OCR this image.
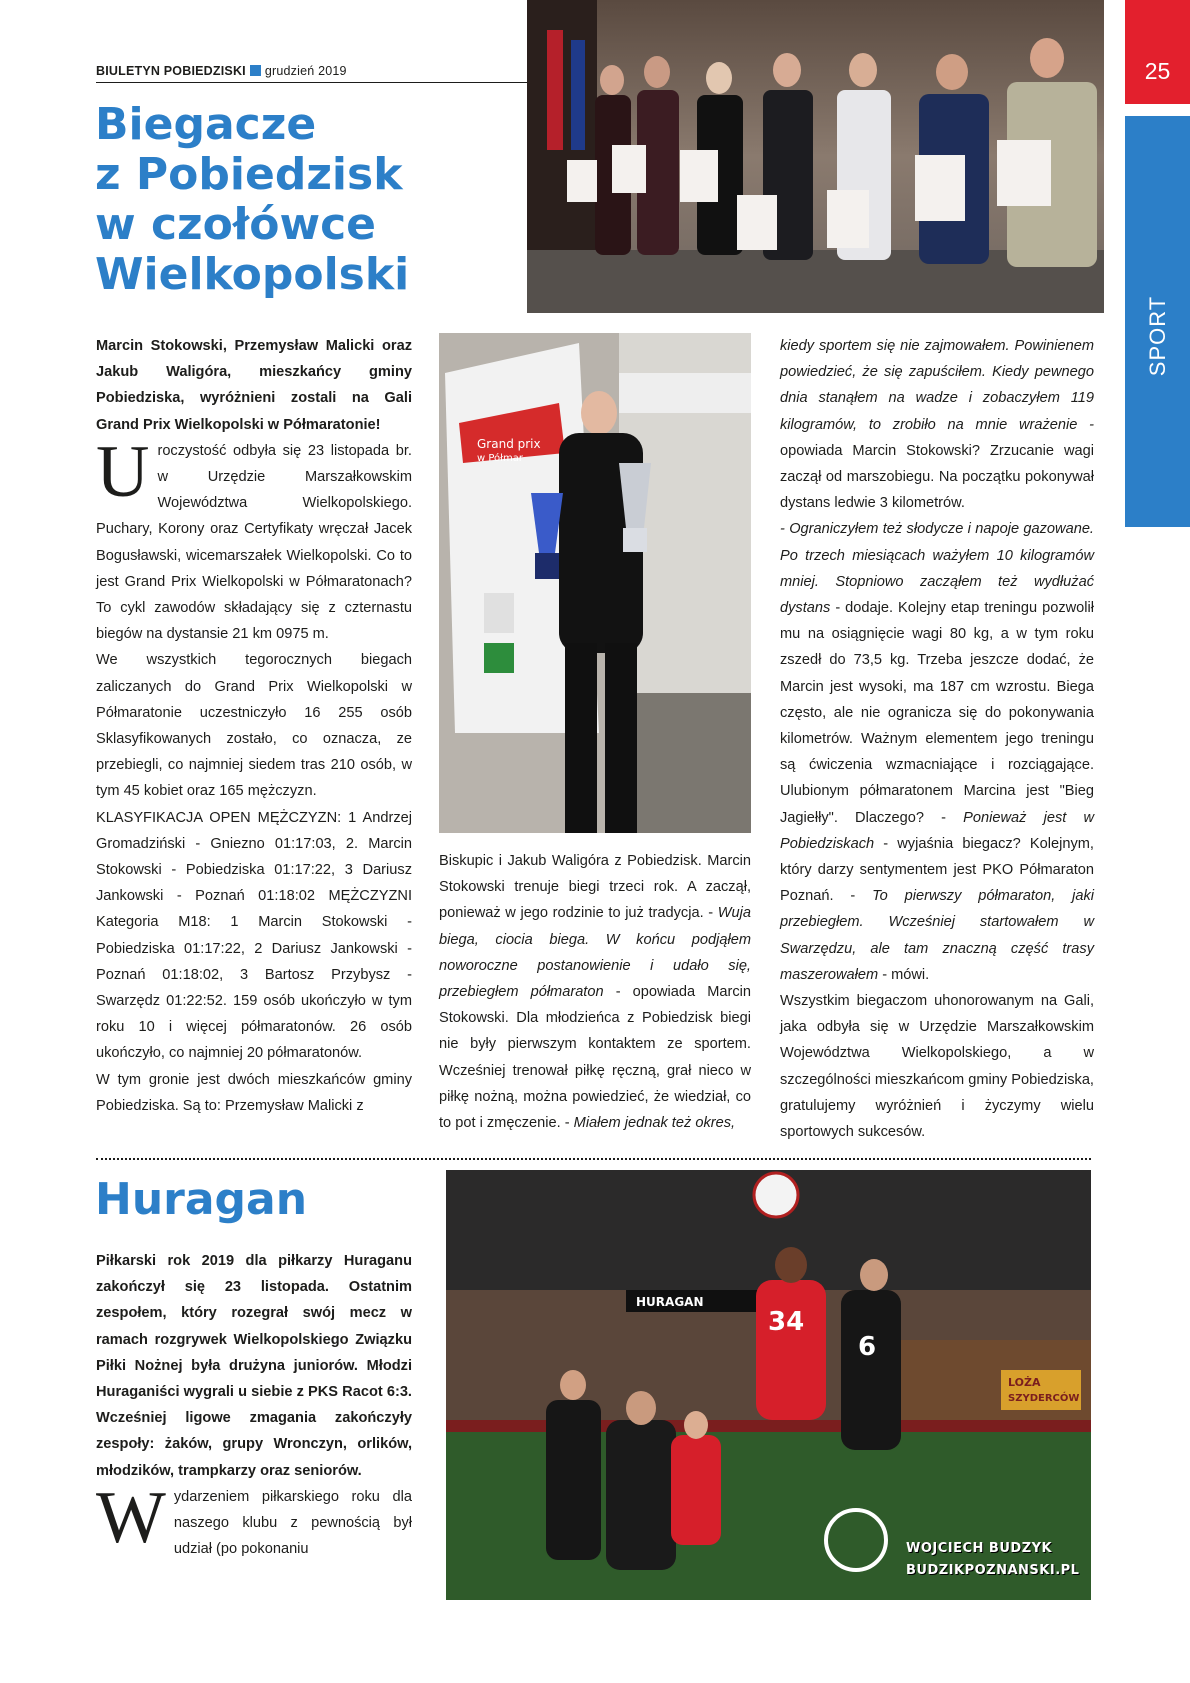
BIULETYN POBIEDZISKI grudzień 2019	25
SPORT
Biegacze
z Pobiedzisk
w czołówce
Wielkopolski

Marcin Stokowski, Przemysław Malicki oraz Jakub Waligóra, mieszkańcy gminy Pobiedziska, wyróżnieni zostali na Gali Grand Prix Wielkopolski w Półmaratonie!

Uroczystość odbyła się 23 listopada br. w Urzędzie Marszałkowskim Województwa Wielkopolskiego. Puchary, Korony oraz Certyfikaty wręczał Jacek Bogusławski, wicemarszałek Wielkopolski. Co to jest Grand Prix Wielkopolski w Półmaratonach? To cykl zawodów składający się z czternastu biegów na dystansie 21 km 0975 m.

We wszystkich tegorocznych biegach zaliczanych do Grand Prix Wielkopolski w Półmaratonie uczestniczyło 16 255 osób Sklasyfikowanych zostało, co oznacza, ze przebiegli, co najmniej siedem tras 210 osób, w tym 45 kobiet oraz 165 mężczyzn.

KLASYFIKACJA OPEN MĘŻCZYZN: 1 Andrzej Gromadziński - Gniezno 01:17:03, 2. Marcin Stokowski - Pobiedziska 01:17:22, 3 Dariusz Jankowski - Poznań 01:18:02 MĘŻCZYZNI Kategoria M18: 1 Marcin Stokowski - Pobiedziska 01:17:22, 2 Dariusz Jankowski - Poznań 01:18:02, 3 Bartosz Przybysz - Swarzędz 01:22:52. 159 osób ukończyło w tym roku 10 i więcej półmaratonów. 26 osób ukończyło, co najmniej 20 półmaratonów.

W tym gronie jest dwóch mieszkańców gminy Pobiedziska. Są to: Przemysław Malicki z

Grand prix
w Półmar

Biskupic i Jakub Waligóra z Pobiedzisk. Marcin Stokowski trenuje biegi trzeci rok. A zaczął, ponieważ w jego rodzinie to już tradycja. - Wuja biega, ciocia biega. W końcu podjąłem noworoczne postanowienie i udało się, przebiegłem półmaraton - opowiada Marcin Stokowski. Dla młodzieńca z Pobiedzisk biegi nie były pierwszym kontaktem ze sportem. Wcześniej trenował piłkę ręczną, grał nieco w piłkę nożną, można powiedzieć, że wiedział, co to pot i zmęczenie. - Miałem jednak też okres,

kiedy sportem się nie zajmowałem. Powinienem powiedzieć, że się zapuściłem. Kiedy pewnego dnia stanąłem na wadze i zobaczyłem 119 kilogramów, to zrobiło na mnie wrażenie - opowiada Marcin Stokowski? Zrzucanie wagi zaczął od marszobiegu. Na początku pokonywał dystans ledwie 3 kilometrów.

- Ograniczyłem też słodycze i napoje gazowane. Po trzech miesiącach ważyłem 10 kilogramów mniej. Stopniowo zacząłem też wydłużać dystans - dodaje. Kolejny etap treningu pozwolił mu na osiągnięcie wagi 80 kg, a w tym roku zszedł do 73,5 kg. Trzeba jeszcze dodać, że Marcin jest wysoki, ma 187 cm wzrostu. Biega często, ale nie ogranicza się do pokonywania kilometrów. Ważnym elementem jego treningu są ćwiczenia wzmacniające i rozciągające. Ulubionym półmaratonem Marcina jest "Bieg Jagiełły". Dlaczego? - Ponieważ jest w Pobiedziskach - wyjaśnia biegacz? Kolejnym, który darzy sentymentem jest PKO Półmaraton Poznań. - To pierwszy półmaraton, jaki przebiegłem. Wcześniej startowałem w Swarzędzu, ale tam znaczną część trasy maszerowałem - mówi.

Wszystkim biegaczom uhonorowanym na Gali, jaka odbyła się w Urzędzie Marszałkowskim Województwa Wielkopolskiego, a w szczególności mieszkańcom gminy Pobiedziska, gratulujemy wyróżnień i życzymy wielu sportowych sukcesów.

Huragan

Piłkarski rok 2019 dla piłkarzy Huraganu zakończył się 23 listopada. Ostatnim zespołem, który rozegrał swój mecz w ramach rozgrywek Wielkopolskiego Związku Piłki Nożnej była drużyna juniorów. Młodzi Huraganiści wygrali u siebie z PKS Racot 6:3. Wcześniej ligowe zmagania zakończyły zespoły: żaków, grupy Wronczyn, orlików, młodzików, trampkarzy oraz seniorów.

Wydarzeniem piłkarskiego roku dla naszego klubu z pewnością był udział (po pokonaniu

HURAGAN
LOŻA
SZYDERCÓW
34
6
WOJCIECH BUDZYK
BUDZIKPOZNANSKI.PL
